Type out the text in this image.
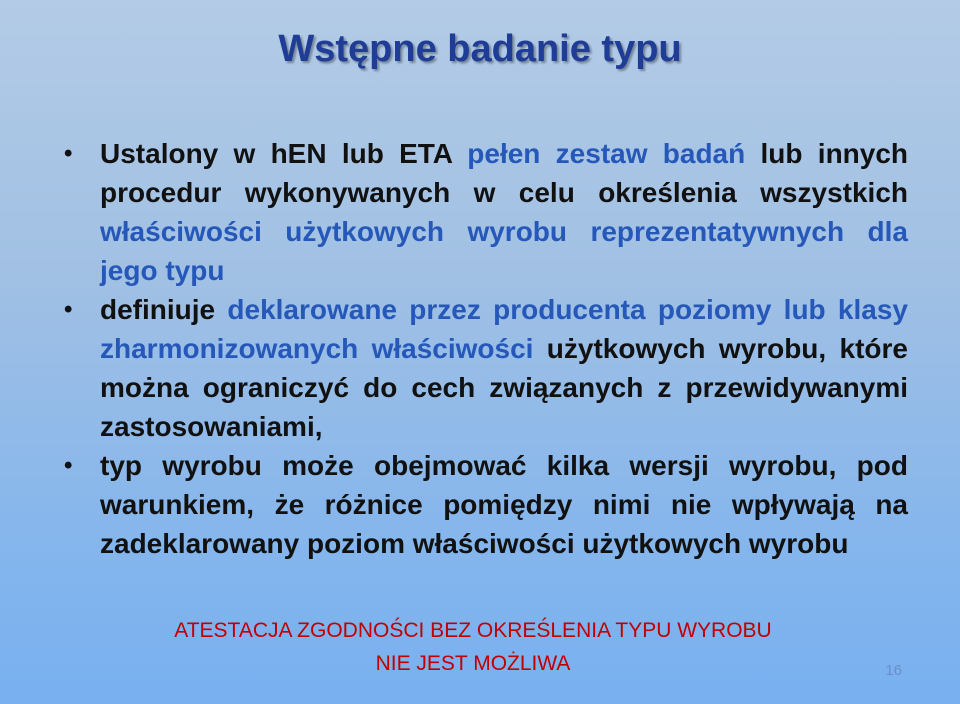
Wstępne badanie typu
• Ustalony w hEN lub ETA pełen zestaw badań lub innych procedur wykonywanych w celu określenia wszystkich właściwości użytkowych wyrobu reprezentatywnych dla jego typu
• definiuje deklarowane przez producenta poziomy lub klasy zharmonizowanych właściwości użytkowych wyrobu, które można ograniczyć do cech związanych z przewidywanymi zastosowaniami,
• typ wyrobu może obejmować kilka wersji wyrobu, pod warunkiem, że różnice pomiędzy nimi nie wpływają na zadeklarowany poziom właściwości użytkowych wyrobu
ATESTACJA ZGODNOŚCI BEZ OKREŚLENIA TYPU WYROBU
NIE JEST MOŻLIWA	16
